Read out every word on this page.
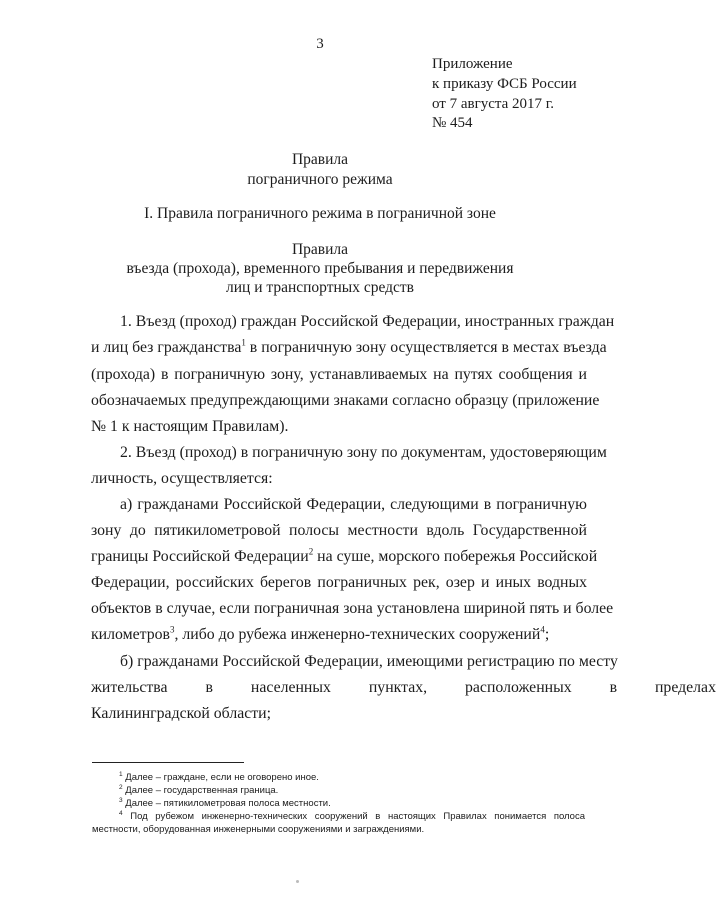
3
Приложение
к приказу ФСБ России
от 7 августа 2017 г.
№ 454
Правила
пограничного режима
I. Правила пограничного режима в пограничной зоне
Правила
въезда (прохода), временного пребывания и передвижения
лиц и транспортных средств
1. Въезд (проход) граждан Российской Федерации, иностранных граждан
и лиц без гражданства$^1$ в пограничную зону осуществляется в местах въезда
(прохода) в пограничную зону, устанавливаемых на путях сообщения и
обозначаемых предупреждающими знаками согласно образцу (приложение
№ 1 к настоящим Правилам).
2. Въезд (проход) в пограничную зону по документам, удостоверяющим
личность, осуществляется:
а) гражданами Российской Федерации, следующими в пограничную
зону до пятикилометровой полосы местности вдоль Государственной
границы Российской Федерации$^2$ на суше, морского побережья Российской
Федерации, российских берегов пограничных рек, озер и иных водных
объектов в случае, если пограничная зона установлена шириной пять и более
километров$^3$, либо до рубежа инженерно-технических сооружений$^4$;
б) гражданами Российской Федерации, имеющими регистрацию по месту
жительства в населенных пунктах, расположенных в пределах
Калининградской области;
$^1$ Далее – граждане, если не оговорено иное.
$^2$ Далее – государственная граница.
$^3$ Далее – пятикилометровая полоса местности.
$^4$ Под рубежом инженерно-технических сооружений в настоящих Правилах понимается полоса
местности, оборудованная инженерными сооружениями и заграждениями.
